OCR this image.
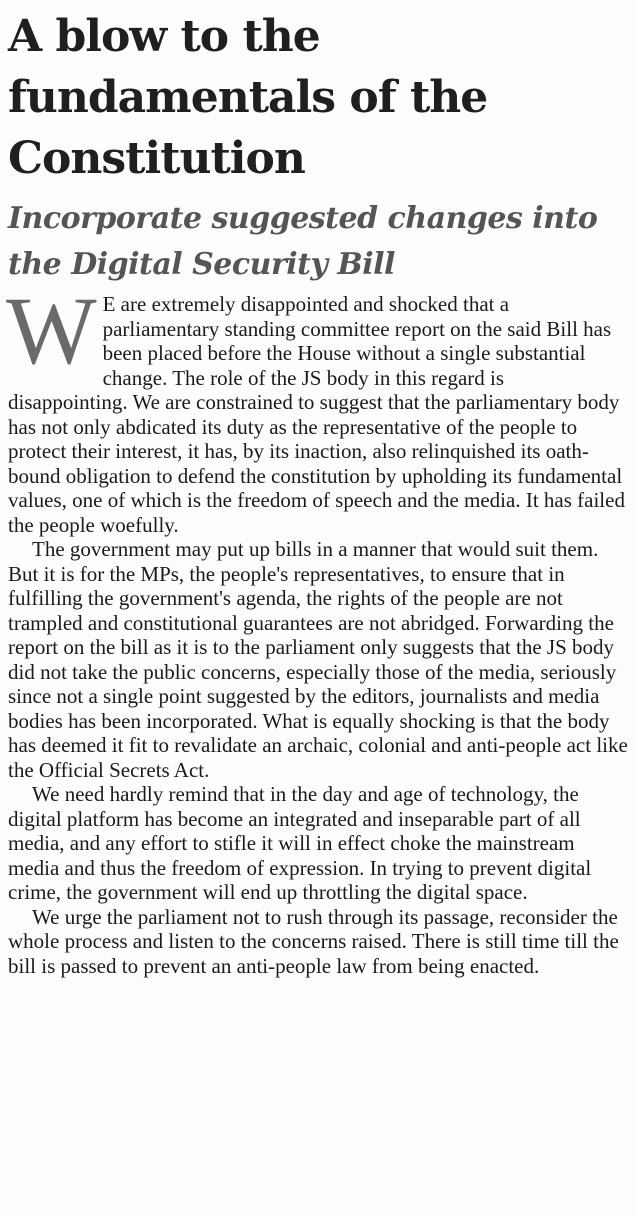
A blow to the fundamentals of the Constitution
Incorporate suggested changes into the Digital Security Bill

W E are extremely disappointed and shocked that a parliamentary standing committee report on the said Bill has been placed before the House without a single substantial change. The role of the JS body in this regard is disappointing. We are constrained to suggest that the parliamentary body has not only abdicated its duty as the representative of the people to protect their interest, it has, by its inaction, also relinquished its oath-bound obligation to defend the constitution by upholding its fundamental values, one of which is the freedom of speech and the media. It has failed the people woefully.

The government may put up bills in a manner that would suit them. But it is for the MPs, the people's representatives, to ensure that in fulfilling the government's agenda, the rights of the people are not trampled and constitutional guarantees are not abridged. Forwarding the report on the bill as it is to the parliament only suggests that the JS body did not take the public concerns, especially those of the media, seriously since not a single point suggested by the editors, journalists and media bodies has been incorporated. What is equally shocking is that the body has deemed it fit to revalidate an archaic, colonial and anti-people act like the Official Secrets Act.

We need hardly remind that in the day and age of technology, the digital platform has become an integrated and inseparable part of all media, and any effort to stifle it will in effect choke the mainstream media and thus the freedom of expression. In trying to prevent digital crime, the government will end up throttling the digital space.

We urge the parliament not to rush through its passage, reconsider the whole process and listen to the concerns raised. There is still time till the bill is passed to prevent an anti-people law from being enacted.
